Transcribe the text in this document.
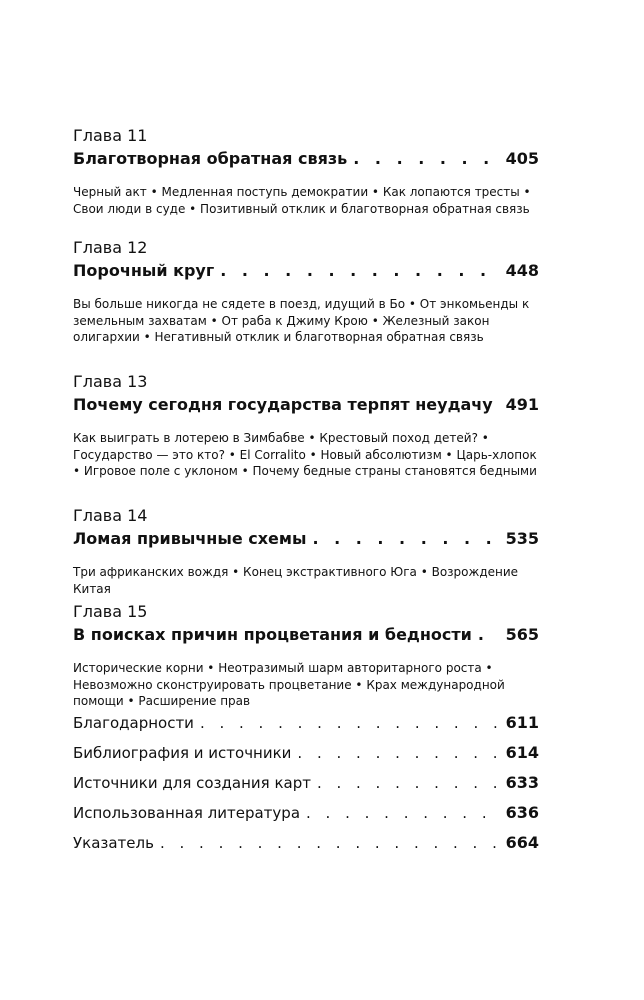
Глава 11
Благотворная обратная связь . . .	405
Черный акт • Медленная поступь демократии • Как лопаются тресты • Свои люди в суде • Позитивный отклик и благотворная обратная связь
Глава 12
Порочный круг . . .	448
Вы больше никогда не сядете в поезд, идущий в Бо • От энкомьенды к земельным захватам • От раба к Джиму Крою • Железный закон олигархии • Негативный отклик и благотворная обратная связь
Глава 13
Почему сегодня государства терпят неудачу . . . 491
Как выиграть в лотерею в Зимбабве • Крестовый поход детей? • Государство — это кто? • El Corralito • Новый абсолютизм • Царь-хлопок • Игровое поле с уклоном • Почему бедные страны становятся бедными
Глава 14
Ломая привычные схемы . . .	535
Три африканских вождя • Конец экстрактивного Юга • Возрождение Китая
Глава 15
В поисках причин процветания и бедности . . . 565
Исторические корни • Неотразимый шарм авторитарного роста • Невозможно сконструировать процветание • Крах международной помощи • Расширение прав
Благодарности . . .	611
Библиография и источники . . .	614
Источники для создания карт . . .	633
Использованная литература . . .	636
Указатель . . .	664
